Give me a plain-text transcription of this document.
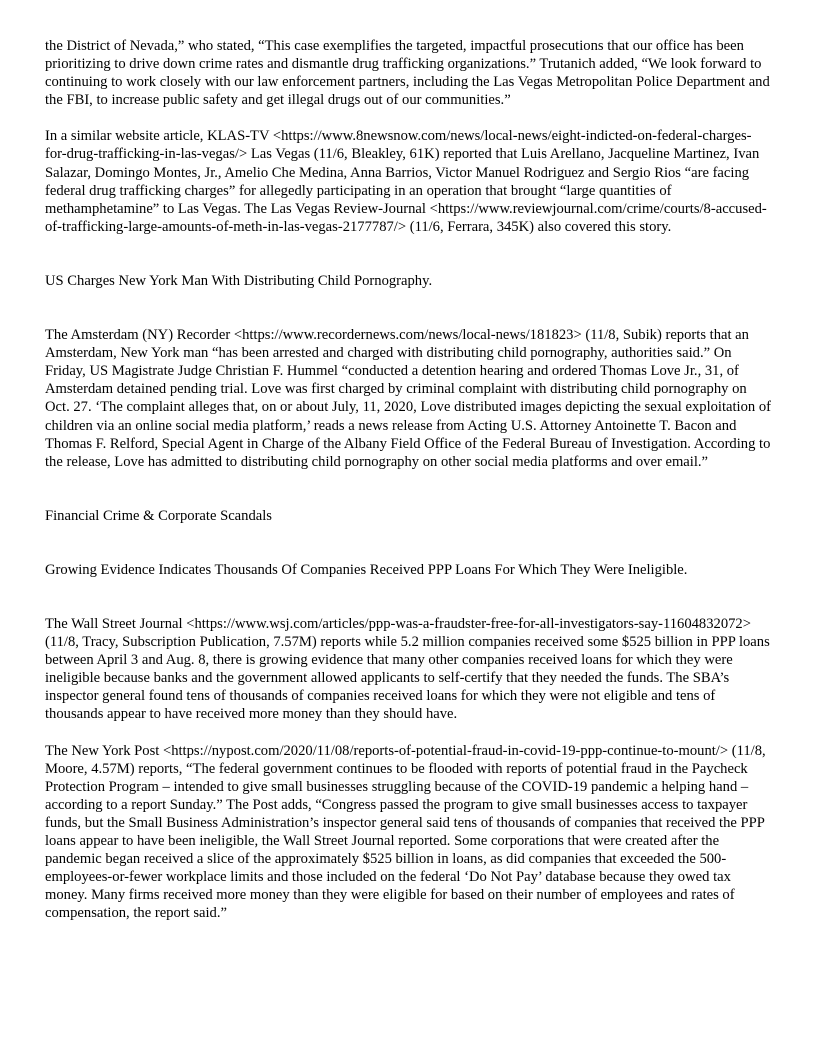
the District of Nevada,” who stated, “This case exemplifies the targeted, impactful prosecutions that our office has been prioritizing to drive down crime rates and dismantle drug trafficking organizations.” Trutanich added, “We look forward to continuing to work closely with our law enforcement partners, including the Las Vegas Metropolitan Police Department and the FBI, to increase public safety and get illegal drugs out of our communities.”

In a similar website article, KLAS-TV <https://www.8newsnow.com/news/local-news/eight-indicted-on-federal-charges-for-drug-trafficking-in-las-vegas/> Las Vegas (11/6, Bleakley, 61K) reported that Luis Arellano, Jacqueline Martinez, Ivan Salazar, Domingo Montes, Jr., Amelio Che Medina, Anna Barrios, Victor Manuel Rodriguez and Sergio Rios “are facing federal drug trafficking charges” for allegedly participating in an operation that brought “large quantities of methamphetamine” to Las Vegas. The Las Vegas Review-Journal <https://www.reviewjournal.com/crime/courts/8-accused-of-trafficking-large-amounts-of-meth-in-las-vegas-2177787/> (11/6, Ferrara, 345K) also covered this story.

US Charges New York Man With Distributing Child Pornography.

The Amsterdam (NY) Recorder <https://www.recordernews.com/news/local-news/181823> (11/8, Subik) reports that an Amsterdam, New York man “has been arrested and charged with distributing child pornography, authorities said.” On Friday, US Magistrate Judge Christian F. Hummel “conducted a detention hearing and ordered Thomas Love Jr., 31, of Amsterdam detained pending trial. Love was first charged by criminal complaint with distributing child pornography on Oct. 27. ‘The complaint alleges that, on or about July, 11, 2020, Love distributed images depicting the sexual exploitation of children via an online social media platform,’ reads a news release from Acting U.S. Attorney Antoinette T. Bacon and Thomas F. Relford, Special Agent in Charge of the Albany Field Office of the Federal Bureau of Investigation. According to the release, Love has admitted to distributing child pornography on other social media platforms and over email.”

Financial Crime & Corporate Scandals

Growing Evidence Indicates Thousands Of Companies Received PPP Loans For Which They Were Ineligible.

The Wall Street Journal <https://www.wsj.com/articles/ppp-was-a-fraudster-free-for-all-investigators-say-11604832072> (11/8, Tracy, Subscription Publication, 7.57M) reports while 5.2 million companies received some $525 billion in PPP loans between April 3 and Aug. 8, there is growing evidence that many other companies received loans for which they were ineligible because banks and the government allowed applicants to self-certify that they needed the funds. The SBA’s inspector general found tens of thousands of companies received loans for which they were not eligible and tens of thousands appear to have received more money than they should have.

The New York Post <https://nypost.com/2020/11/08/reports-of-potential-fraud-in-covid-19-ppp-continue-to-mount/> (11/8, Moore, 4.57M) reports, “The federal government continues to be flooded with reports of potential fraud in the Paycheck Protection Program – intended to give small businesses struggling because of the COVID-19 pandemic a helping hand – according to a report Sunday.” The Post adds, “Congress passed the program to give small businesses access to taxpayer funds, but the Small Business Administration’s inspector general said tens of thousands of companies that received the PPP loans appear to have been ineligible, the Wall Street Journal reported. Some corporations that were created after the pandemic began received a slice of the approximately $525 billion in loans, as did companies that exceeded the 500-employees-or-fewer workplace limits and those included on the federal ‘Do Not Pay’ database because they owed tax money. Many firms received more money than they were eligible for based on their number of employees and rates of compensation, the report said.”
